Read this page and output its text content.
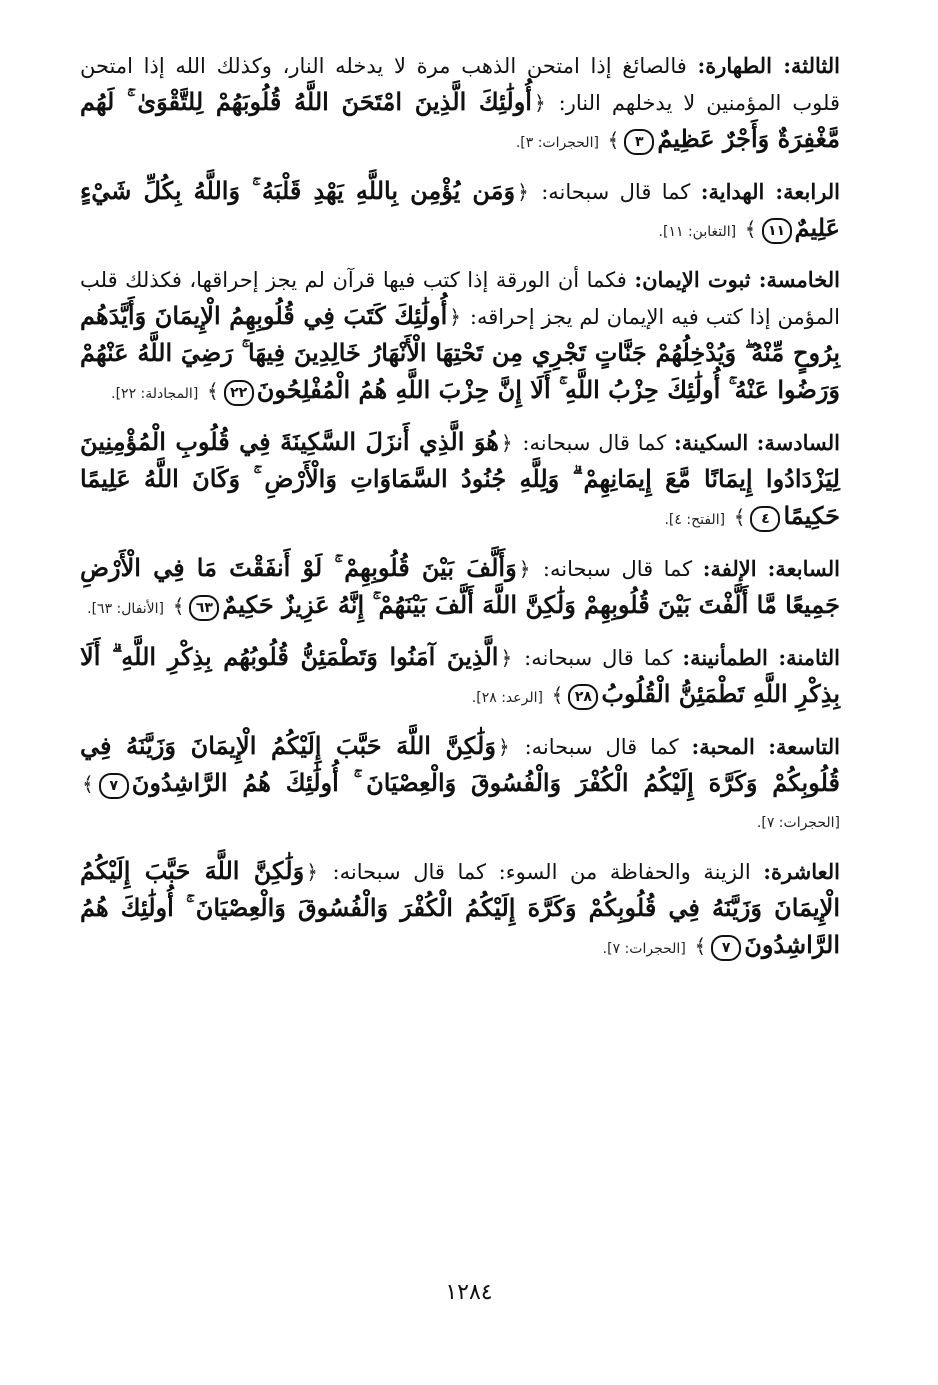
الثالثة: الطهارة: فالصائغ إذا امتحن الذهب مرة لا يدخله النار، وكذلك الله إذا امتحن قلوب المؤمنين لا يدخلهم النار: ﴿أُولَٰئِكَ الَّذِينَ امْتَحَنَ اللَّهُ قُلُوبَهُمْ لِلتَّقْوَىٰ ۚ لَهُم مَّغْفِرَةٌ وَأَجْرٌ عَظِيمٌ٣﴾ [الحجرات: ٣].

الرابعة: الهداية: كما قال سبحانه: ﴿وَمَن يُؤْمِن بِاللَّهِ يَهْدِ قَلْبَهُ ۚ وَاللَّهُ بِكُلِّ شَيْءٍ عَلِيمٌ١١﴾ [التغابن: ١١].

الخامسة: ثبوت الإيمان: فكما أن الورقة إذا كتب فيها قرآن لم يجز إحراقها، فكذلك قلب المؤمن إذا كتب فيه الإيمان لم يجز إحراقه: ﴿أُولَٰئِكَ كَتَبَ فِي قُلُوبِهِمُ الْإِيمَانَ وَأَيَّدَهُم بِرُوحٍ مِّنْهُ ۖ وَيُدْخِلُهُمْ جَنَّاتٍ تَجْرِي مِن تَحْتِهَا الْأَنْهَارُ خَالِدِينَ فِيهَا ۚ رَضِيَ اللَّهُ عَنْهُمْ وَرَضُوا عَنْهُ ۚ أُولَٰئِكَ حِزْبُ اللَّهِ ۚ أَلَا إِنَّ حِزْبَ اللَّهِ هُمُ الْمُفْلِحُونَ٢٢﴾ [المجادلة: ٢٢].

السادسة: السكينة: كما قال سبحانه: ﴿هُوَ الَّذِي أَنزَلَ السَّكِينَةَ فِي قُلُوبِ الْمُؤْمِنِينَ لِيَزْدَادُوا إِيمَانًا مَّعَ إِيمَانِهِمْ ۗ وَلِلَّهِ جُنُودُ السَّمَاوَاتِ وَالْأَرْضِ ۚ وَكَانَ اللَّهُ عَلِيمًا حَكِيمًا٤﴾ [الفتح: ٤].

السابعة: الإلفة: كما قال سبحانه: ﴿وَأَلَّفَ بَيْنَ قُلُوبِهِمْ ۚ لَوْ أَنفَقْتَ مَا فِي الْأَرْضِ جَمِيعًا مَّا أَلَّفْتَ بَيْنَ قُلُوبِهِمْ وَلَٰكِنَّ اللَّهَ أَلَّفَ بَيْنَهُمْ ۚ إِنَّهُ عَزِيزٌ حَكِيمٌ٦٣﴾ [الأنفال: ٦٣].

الثامنة: الطمأنينة: كما قال سبحانه: ﴿الَّذِينَ آمَنُوا وَتَطْمَئِنُّ قُلُوبُهُم بِذِكْرِ اللَّهِ ۗ أَلَا بِذِكْرِ اللَّهِ تَطْمَئِنُّ الْقُلُوبُ٢٨﴾ [الرعد: ٢٨].

التاسعة: المحبة: كما قال سبحانه: ﴿وَلَٰكِنَّ اللَّهَ حَبَّبَ إِلَيْكُمُ الْإِيمَانَ وَزَيَّنَهُ فِي قُلُوبِكُمْ وَكَرَّهَ إِلَيْكُمُ الْكُفْرَ وَالْفُسُوقَ وَالْعِصْيَانَ ۚ أُولَٰئِكَ هُمُ الرَّاشِدُونَ٧﴾ [الحجرات: ٧].

العاشرة: الزينة والحفاظة من السوء: كما قال سبحانه: ﴿وَلَٰكِنَّ اللَّهَ حَبَّبَ إِلَيْكُمُ الْإِيمَانَ وَزَيَّنَهُ فِي قُلُوبِكُمْ وَكَرَّهَ إِلَيْكُمُ الْكُفْرَ وَالْفُسُوقَ وَالْعِصْيَانَ ۚ أُولَٰئِكَ هُمُ الرَّاشِدُونَ٧﴾ [الحجرات: ٧].

١٢٨٤
